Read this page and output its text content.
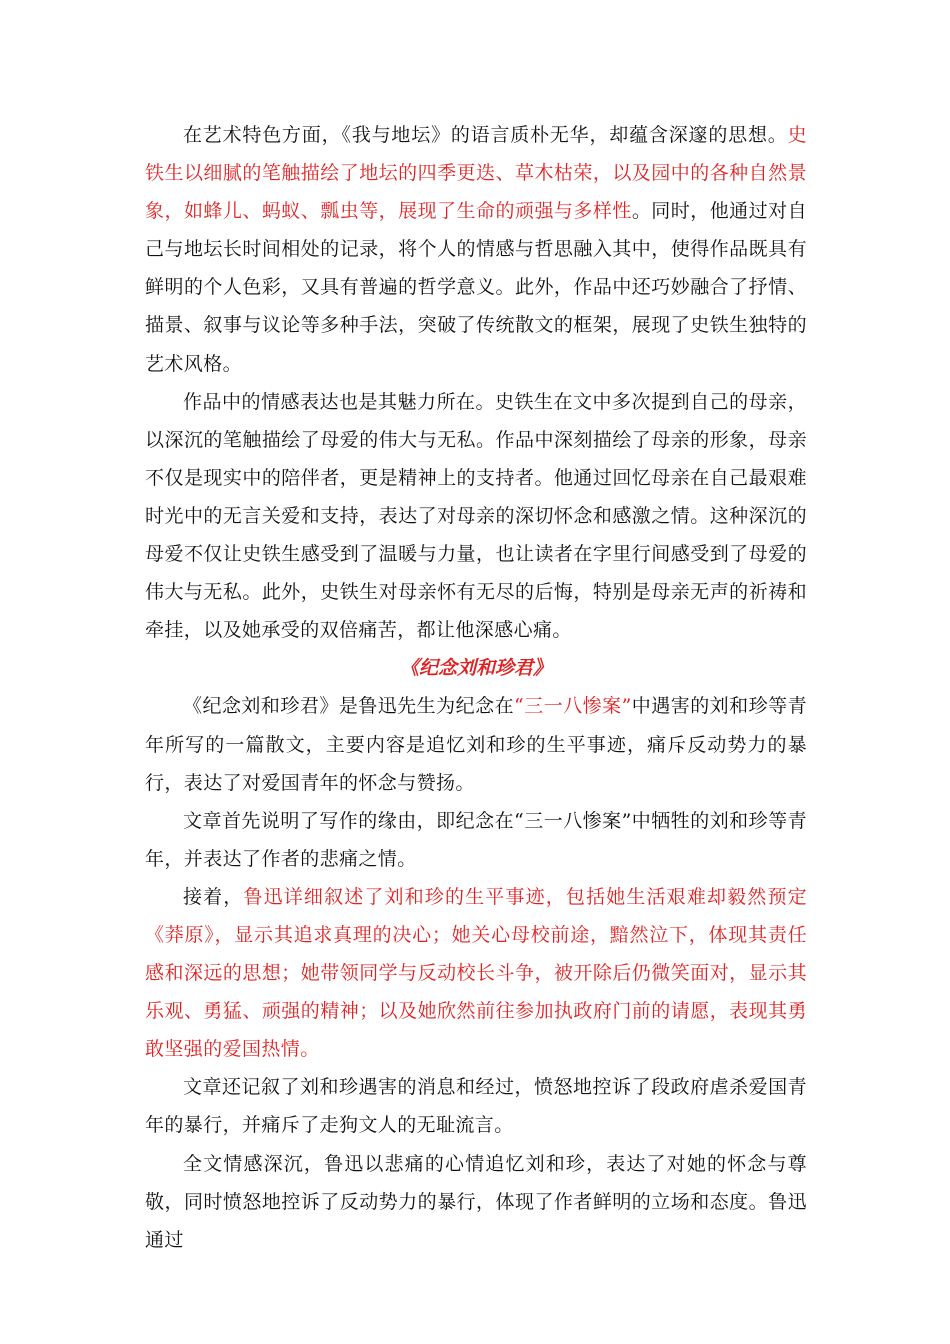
在艺术特色方面，《我与地坛》的语言质朴无华，却蕴含深邃的思想。史铁生以细腻的笔触描绘了地坛的四季更迭、草木枯荣，以及园中的各种自然景象，如蜂儿、蚂蚁、瓢虫等，展现了生命的顽强与多样性。同时，他通过对自己与地坛长时间相处的记录，将个人的情感与哲思融入其中，使得作品既具有鲜明的个人色彩，又具有普遍的哲学意义。此外，作品中还巧妙融合了抒情、描景、叙事与议论等多种手法，突破了传统散文的框架，展现了史铁生独特的艺术风格。

作品中的情感表达也是其魅力所在。史铁生在文中多次提到自己的母亲，以深沉的笔触描绘了母爱的伟大与无私。作品中深刻描绘了母亲的形象，母亲不仅是现实中的陪伴者，更是精神上的支持者。他通过回忆母亲在自己最艰难时光中的无言关爱和支持，表达了对母亲的深切怀念和感激之情。这种深沉的母爱不仅让史铁生感受到了温暖与力量，也让读者在字里行间感受到了母爱的伟大与无私。此外，史铁生对母亲怀有无尽的后悔，特别是母亲无声的祈祷和牵挂，以及她承受的双倍痛苦，都让他深感心痛。

《纪念刘和珍君》

《纪念刘和珍君》是鲁迅先生为纪念在“三一八惨案”中遇害的刘和珍等青年所写的一篇散文，主要内容是追忆刘和珍的生平事迹，痛斥反动势力的暴行，表达了对爱国青年的怀念与赞扬。

文章首先说明了写作的缘由，即纪念在“三一八惨案”中牺牲的刘和珍等青年，并表达了作者的悲痛之情。

接着，鲁迅详细叙述了刘和珍的生平事迹，包括她生活艰难却毅然预定《莽原》，显示其追求真理的决心；她关心母校前途，黯然泣下，体现其责任感和深远的思想；她带领同学与反动校长斗争，被开除后仍微笑面对，显示其乐观、勇猛、顽强的精神；以及她欣然前往参加执政府门前的请愿，表现其勇敢坚强的爱国热情。

文章还记叙了刘和珍遇害的消息和经过，愤怒地控诉了段政府虐杀爱国青年的暴行，并痛斥了走狗文人的无耻流言。

全文情感深沉，鲁迅以悲痛的心情追忆刘和珍，表达了对她的怀念与尊敬，同时愤怒地控诉了反动势力的暴行，体现了作者鲜明的立场和态度。鲁迅通过
